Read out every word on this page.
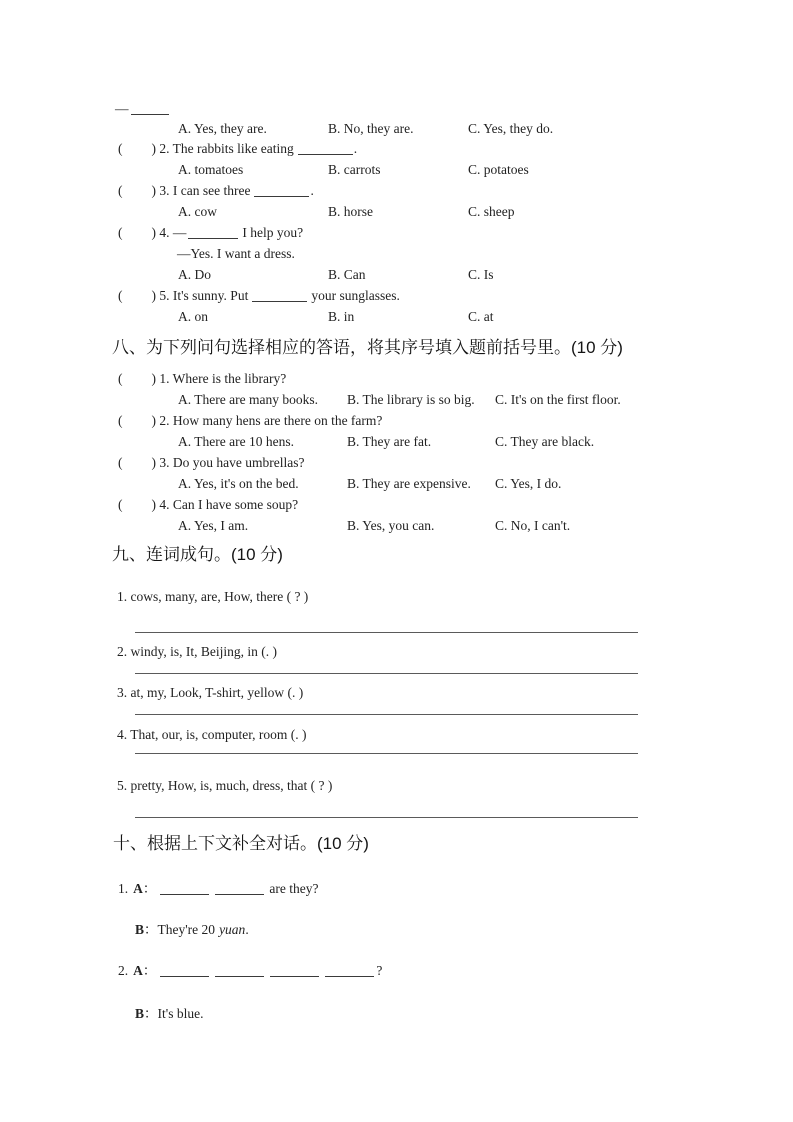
—
A. Yes, they are.	B. No, they are.	C. Yes, they do.
( ) 2. The rabbits like eating	.
A. tomatoes	B. carrots	C. potatoes
( ) 3. I can see three	.
A. cow	B. horse	C. sheep
( ) 4. —	I help you?
—Yes. I want a dress.
A. Do	B. Can	C. Is
( ) 5. It's sunny. Put	your sunglasses.
A. on	B. in	C. at
八、为下列问句选择相应的答语，将其序号填入题前括号里。(10 分)
( ) 1. Where is the library?
A. There are many books. B. The library is so big. C. It's on the first floor.
( ) 2. How many hens are there on the farm?
A. There are 10 hens.	B. They are fat.	C. They are black.
( ) 3. Do you have umbrellas?
A. Yes, it's on the bed.	B. They are expensive. C. Yes, I do.
( ) 4. Can I have some soup?
A. Yes, I am.	B. Yes, you can.	C. No, I can't.
九、连词成句。(10 分)
1. cows, many, are, How, there ( ? )
2. windy, is, It, Beijing, in (. )
3. at, my, Look, T-shirt, yellow (. )
4. That, our, is, computer, room (. )
5. pretty, How, is, much, dress, that ( ? )
十、根据上下文补全对话。(10 分)
1. A：	are they?
B：They're 20 yuan.
2. A：	?
B：It's blue.
